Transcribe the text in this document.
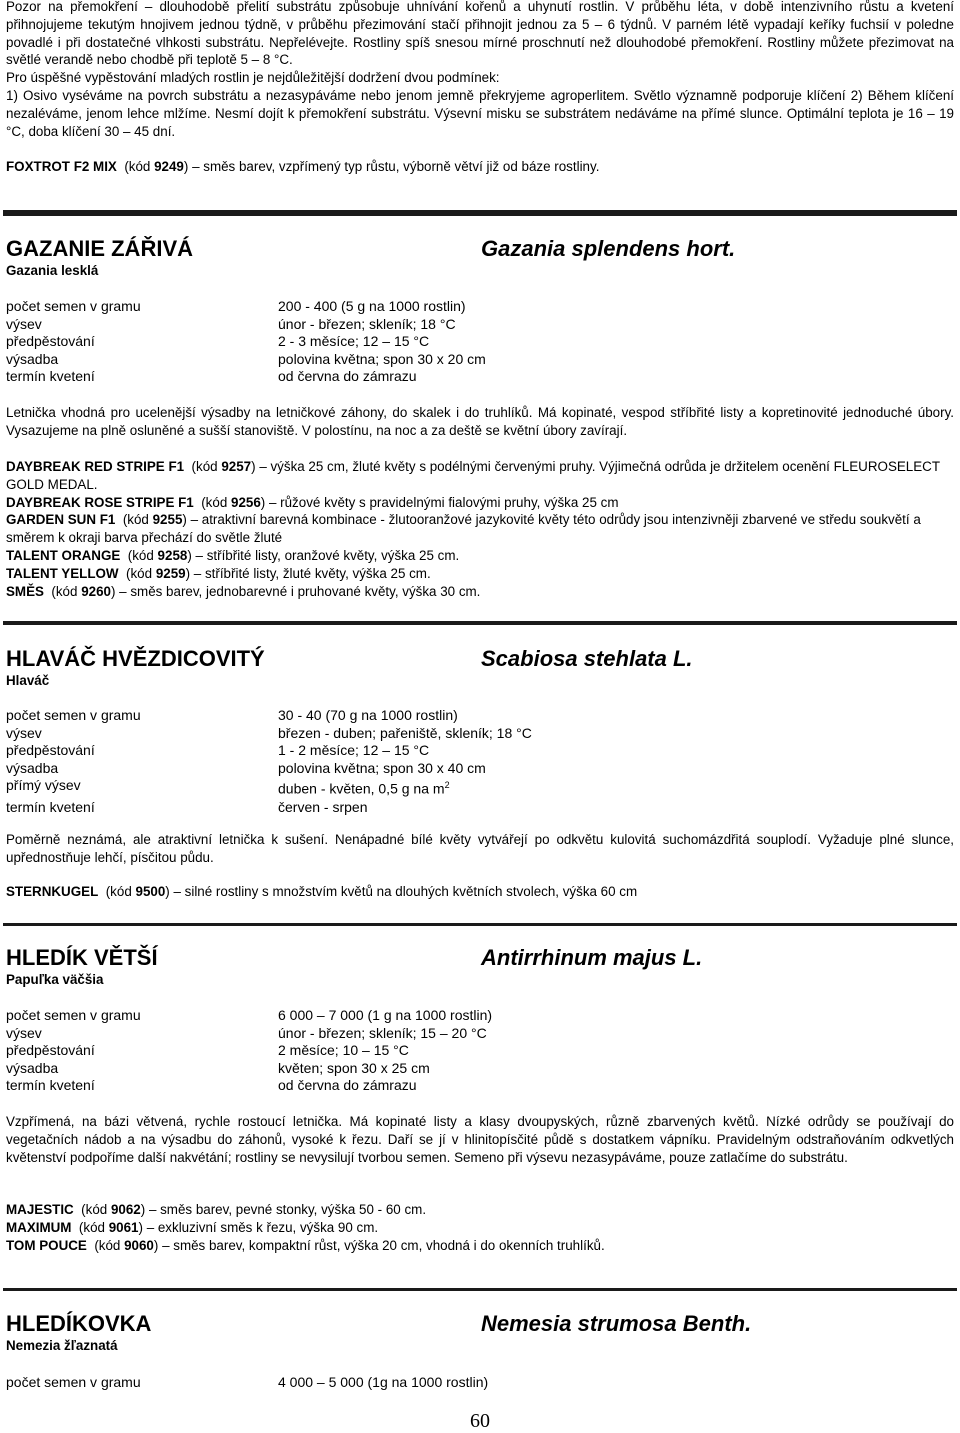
Pozor na přemokření – dlouhodobě přelití substrátu způsobuje uhnívání kořenů a uhynutí rostlin. V průběhu léta, v době intenzivního růstu a kvetení přihnojujeme tekutým hnojivem jednou týdně, v průběhu přezimování stačí přihnojit jednou za 5 – 6 týdnů. V parném létě vypadají keříky fuchsií v poledne povadlé i při dostatečné vlhkosti substrátu. Nepřelévejte. Rostliny spíš snesou mírné proschnutí než dlouhodobé přemokření. Rostliny můžete přezimovat na světlé verandě nebo chodbě při teplotě 5 – 8 °C.

Pro úspěšné vypěstování mladých rostlin je nejdůležitější dodržení dvou podmínek:

1) Osivo vyséváme na povrch substrátu a nezasypáváme nebo jenom jemně překryjeme agroperlitem. Světlo významně podporuje klíčení 2) Během klíčení nezaléváme, jenom lehce mlžíme. Nesmí dojít k přemokření substrátu. Výsevní misku se substrátem nedáváme na přímé slunce. Optimální teplota je 16 – 19 °C, doba klíčení 30 – 45 dní.

FOXTROT F2 MIX (kód 9249) – směs barev, vzpřímený typ růstu, výborně větví již od báze rostliny.
GAZANIE ZÁŘIVÁ	Gazania splendens hort.
Gazania lesklá
počet semen v gramu	200 - 400 (5 g na 1000 rostlin)
výsev	únor - březen; skleník; 18 °C
předpěstování	2 - 3 měsíce; 12 – 15 °C
výsadba	polovina května; spon 30 x 20 cm
termín kvetení	od června do zámrazu
Letnička vhodná pro ucelenější výsadby na letničkové záhony, do skalek i do truhlíků. Má kopinaté, vespod stříbřité listy a kopretinovité jednoduché úbory. Vysazujeme na plně osluněné a sušší stanoviště. V polostínu, na noc a za deště se květní úbory zavírají.

DAYBREAK RED STRIPE F1 (kód 9257) – výška 25 cm, žluté květy s podélnými červenými pruhy. Výjimečná odrůda je držitelem ocenění FLEUROSELECT GOLD MEDAL.

DAYBREAK ROSE STRIPE F1 (kód 9256) – růžové květy s pravidelnými fialovými pruhy, výška 25 cm

GARDEN SUN F1 (kód 9255) – atraktivní barevná kombinace - žlutooranžové jazykovité květy této odrůdy jsou intenzivněji zbarvené ve středu soukvětí a směrem k okraji barva přechází do světle žluté

TALENT ORANGE (kód 9258) – stříbřité listy, oranžové květy, výška 25 cm.

TALENT YELLOW (kód 9259) – stříbřité listy, žluté květy, výška 25 cm.

SMĚS (kód 9260) – směs barev, jednobarevné i pruhované květy, výška 30 cm.

HLAVÁČ HVĚZDICOVITÝ	Scabiosa stehlata L.
Hlaváč
počet semen v gramu	30 - 40 (70 g na 1000 rostlin)
výsev	březen - duben; pařeniště, skleník; 18 °C
předpěstování	1 - 2 měsíce; 12 – 15 °C
výsadba	polovina května; spon 30 x 40 cm
přímý výsev	duben - květen, 0,5 g na $m^2$
termín kvetení	červen - srpen
Poměrně neznámá, ale atraktivní letnička k sušení. Nenápadné bílé květy vytvářejí po odkvětu kulovitá suchomázdřitá souplodí. Vyžaduje plné slunce, upřednostňuje lehčí, písčitou půdu.

STERNKUGEL (kód 9500) – silné rostliny s množstvím květů na dlouhých květních stvolech, výška 60 cm

HLEDÍK VĚTŠÍ	Antirrhinum majus L.
Papuľka väčšia
počet semen v gramu	6 000 – 7 000 (1 g na 1000 rostlin)
výsev	únor - březen; skleník; 15 – 20 °C
předpěstování	2 měsíce; 10 – 15 °C
výsadba	květen; spon 30 x 25 cm
termín kvetení	od června do zámrazu
Vzpřímená, na bázi větvená, rychle rostoucí letnička. Má kopinaté listy a klasy dvoupyských, různě zbarvených květů. Nízké odrůdy se používají do vegetačních nádob a na výsadbu do záhonů, vysoké k řezu. Daří se jí v hlinitopísčité půdě s dostatkem vápníku. Pravidelným odstraňováním odkvetlých květenství podpoříme další nakvétání; rostliny se nevysilují tvorbou semen. Semeno při výsevu nezasypáváme, pouze zatlačíme do substrátu.

MAJESTIC (kód 9062) – směs barev, pevné stonky, výška 50 - 60 cm.

MAXIMUM (kód 9061) – exkluzivní směs k řezu, výška 90 cm.

TOM POUCE (kód 9060) – směs barev, kompaktní růst, výška 20 cm, vhodná i do okenních truhlíků.

HLEDÍKOVKA	Nemesia strumosa Benth.
Nemezia žľaznatá
počet semen v gramu	4 000 – 5 000 (1g na 1000 rostlin)
60
